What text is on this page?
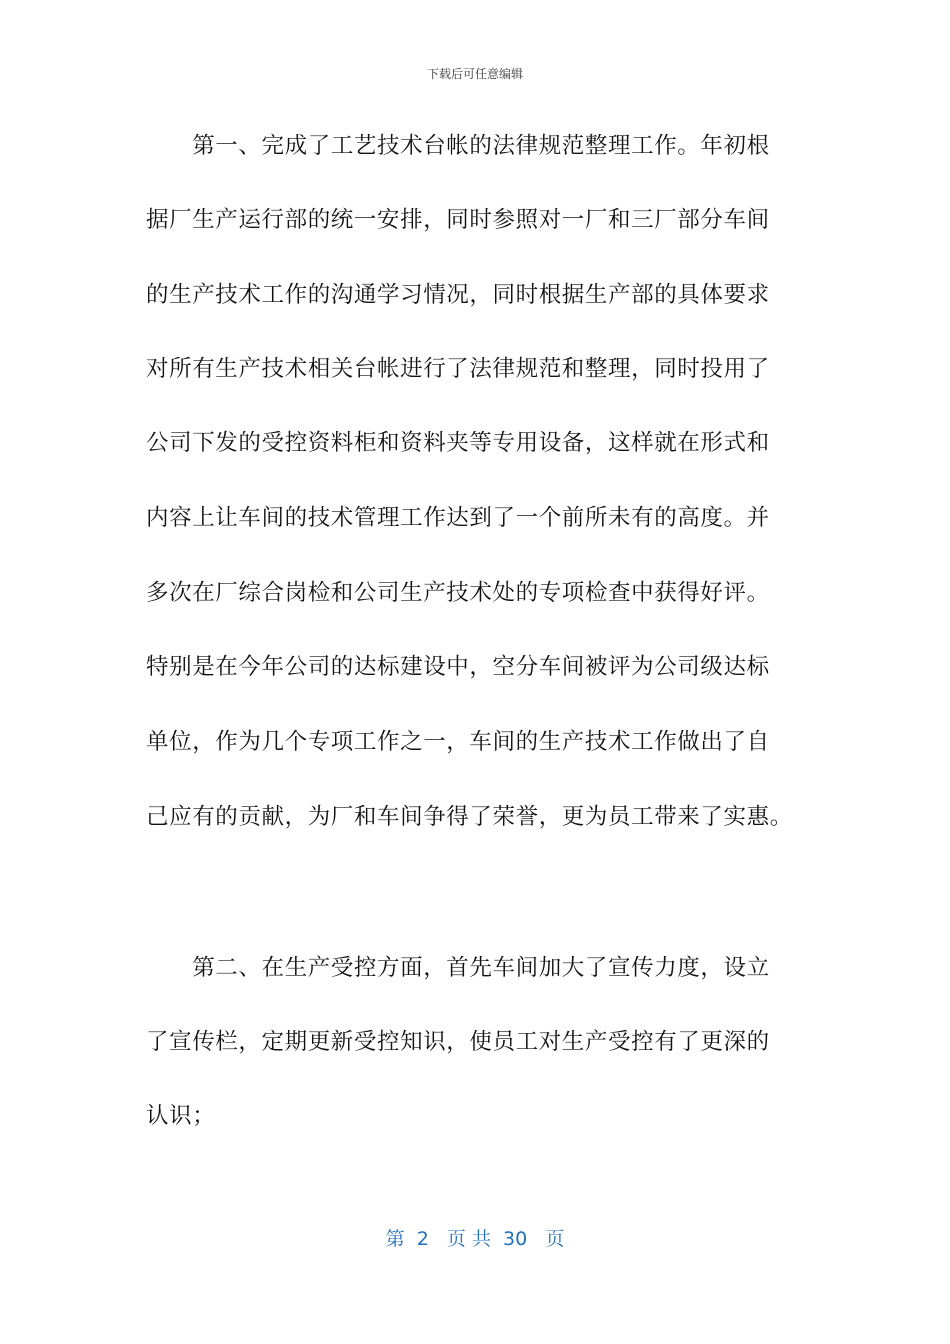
下载后可任意编辑
　　第一、完成了工艺技术台帐的法律规范整理工作。年初根
据厂生产运行部的统一安排，同时参照对一厂和三厂部分车间
的生产技术工作的沟通学习情况，同时根据生产部的具体要求
对所有生产技术相关台帐进行了法律规范和整理，同时投用了
公司下发的受控资料柜和资料夹等专用设备，这样就在形式和
内容上让车间的技术管理工作达到了一个前所未有的高度。并
多次在厂综合岗检和公司生产技术处的专项检查中获得好评。
特别是在今年公司的达标建设中，空分车间被评为公司级达标
单位，作为几个专项工作之一，车间的生产技术工作做出了自
己应有的贡献，为厂和车间争得了荣誉，更为员工带来了实惠。
　　第二、在生产受控方面，首先车间加大了宣传力度，设立
了宣传栏，定期更新受控知识，使员工对生产受控有了更深的
认识；
第  2   页 共  30   页
